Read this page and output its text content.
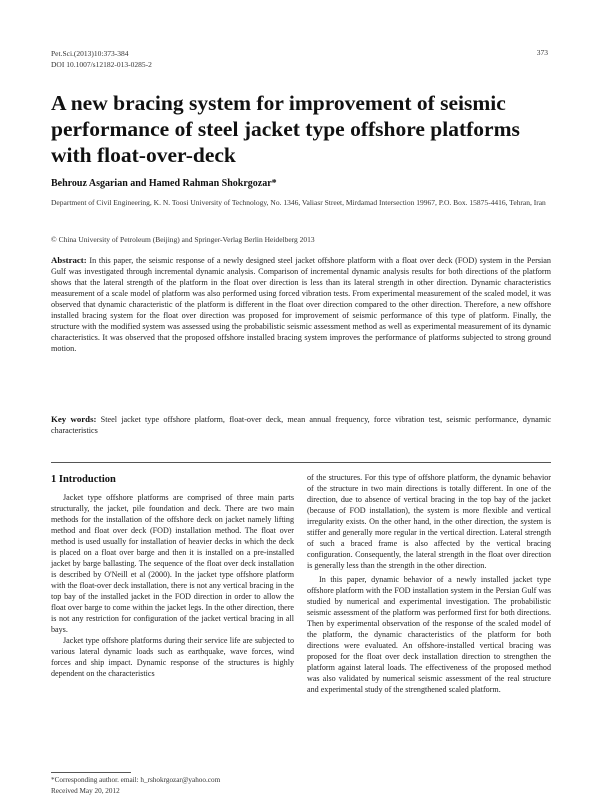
Pet.Sci.(2013)10:373-384
DOI 10.1007/s12182-013-0285-2
373
A new bracing system for improvement of seismic performance of steel jacket type offshore platforms with float-over-deck
Behrouz Asgarian and Hamed Rahman Shokrgozar*
Department of Civil Engineering, K. N. Toosi University of Technology, No. 1346, Valiasr Street, Mirdamad Intersection 19967, P.O. Box. 15875-4416, Tehran, Iran
© China University of Petroleum (Beijing) and Springer-Verlag Berlin Heidelberg 2013

Abstract: In this paper, the seismic response of a newly designed steel jacket offshore platform with a float over deck (FOD) system in the Persian Gulf was investigated through incremental dynamic analysis. Comparison of incremental dynamic analysis results for both directions of the platform shows that the lateral strength of the platform in the float over direction is less than its lateral strength in other direction. Dynamic characteristics measurement of a scale model of platform was also performed using forced vibration tests. From experimental measurement of the scaled model, it was observed that dynamic characteristic of the platform is different in the float over direction compared to the other direction. Therefore, a new offshore installed bracing system for the float over direction was proposed for improvement of seismic performance of this type of platform. Finally, the structure with the modified system was assessed using the probabilistic seismic assessment method as well as experimental measurement of its dynamic characteristics. It was observed that the proposed offshore installed bracing system improves the performance of platforms subjected to strong ground motion.

Key words: Steel jacket type offshore platform, float-over deck, mean annual frequency, force vibration test, seismic performance, dynamic characteristics

1 Introduction

Jacket type offshore platforms are comprised of three main parts structurally, the jacket, pile foundation and deck. There are two main methods for the installation of the offshore deck on jacket namely lifting method and float over deck (FOD) installation method. The float over method is used usually for installation of heavier decks in which the deck is placed on a float over barge and then it is installed on a pre-installed jacket by barge ballasting. The sequence of the float over deck installation is described by O'Neill et al (2000). In the jacket type offshore platform with the float-over deck installation, there is not any vertical bracing in the top bay of the installed jacket in the FOD direction in order to allow the float over barge to come within the jacket legs. In the other direction, there is not any restriction for configuration of the jacket vertical bracing in all bays.

Jacket type offshore platforms during their service life are subjected to various lateral dynamic loads such as earthquake, wave forces, wind forces and ship impact. Dynamic response of the structures is highly dependent on the characteristics

of the structures. For this type of offshore platform, the dynamic behavior of the structure in two main directions is totally different. In one of the direction, due to absence of vertical bracing in the top bay of the jacket (because of FOD installation), the system is more flexible and vertical irregularity exists. On the other hand, in the other direction, the system is stiffer and generally more regular in the vertical direction. Lateral strength of such a braced frame is also affected by the vertical bracing configuration. Consequently, the lateral strength in the float over direction is generally less than the strength in the other direction.

In this paper, dynamic behavior of a newly installed jacket type offshore platform with the FOD installation system in the Persian Gulf was studied by numerical and experimental investigation. The probabilistic seismic assessment of the platform was performed first for both directions. Then by experimental observation of the response of the scaled model of the platform, the dynamic characteristics of the platform for both directions were evaluated. An offshore-installed vertical bracing was proposed for the float over deck installation direction to strengthen the platform against lateral loads. The effectiveness of the proposed method was also validated by numerical seismic assessment of the real structure and experimental study of the strengthened scaled platform.

*Corresponding author. email: h_rshokrgozar@yahoo.com
Received May 20, 2012
